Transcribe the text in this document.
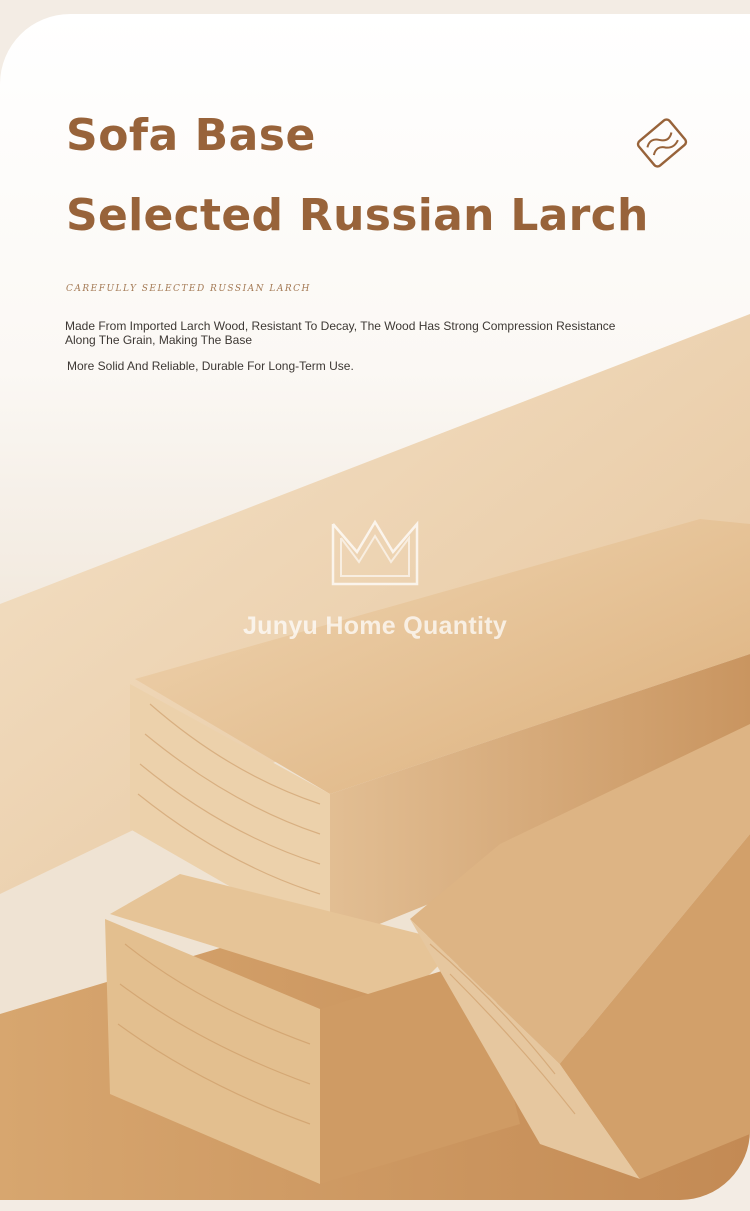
Sofa Base
Selected Russian Larch

CAREFULLY SELECTED RUSSIAN LARCH

Made From Imported Larch Wood, Resistant To Decay, The Wood Has Strong Compression Resistance Along The Grain, Making The Base

More Solid And Reliable, Durable For Long-Term Use.

Junyu Home Quantity
